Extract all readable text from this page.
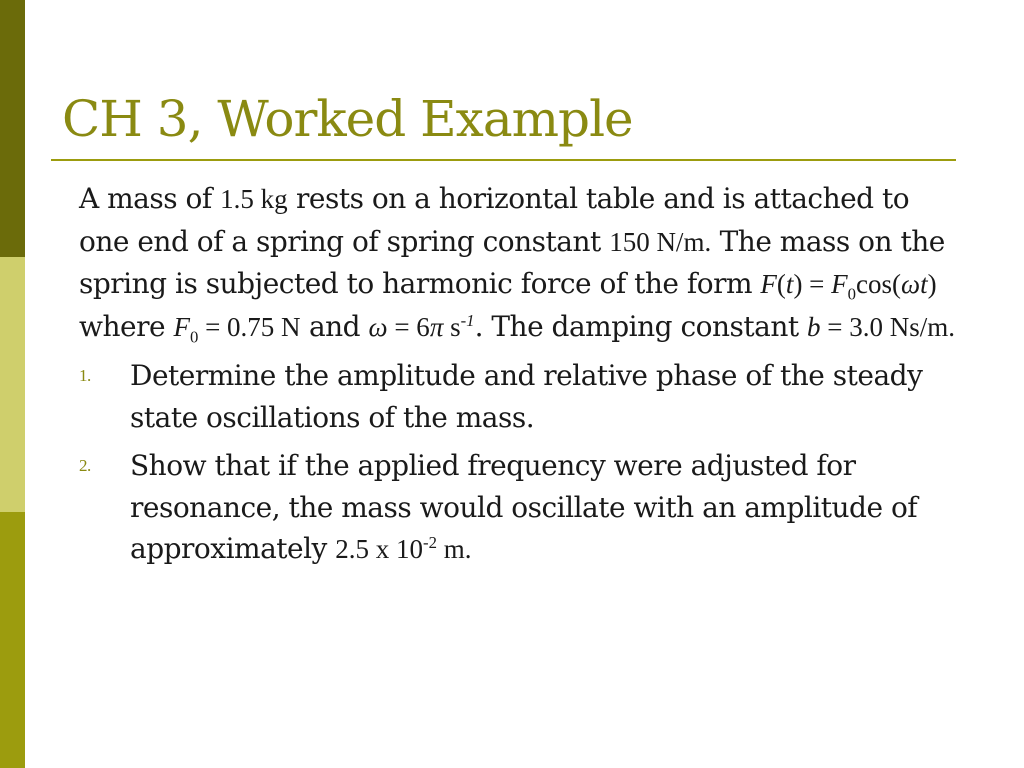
CH 3, Worked Example

A mass of 1.5 kg rests on a horizontal table and is attached to one end of a spring of spring constant 150 N/m. The mass on the spring is subjected to harmonic force of the form $F(t) = F_0\cos(\omega t)$ where $F_0 = 0.75$ N and ω = 6π $s^{-1}$. The damping constant b = 3.0 Ns/m.

1. Determine the amplitude and relative phase of the steady state oscillations of the mass.
2. Show that if the applied frequency were adjusted for resonance, the mass would oscillate with an amplitude of approximately 2.5 x $10^{-2}$ m.
